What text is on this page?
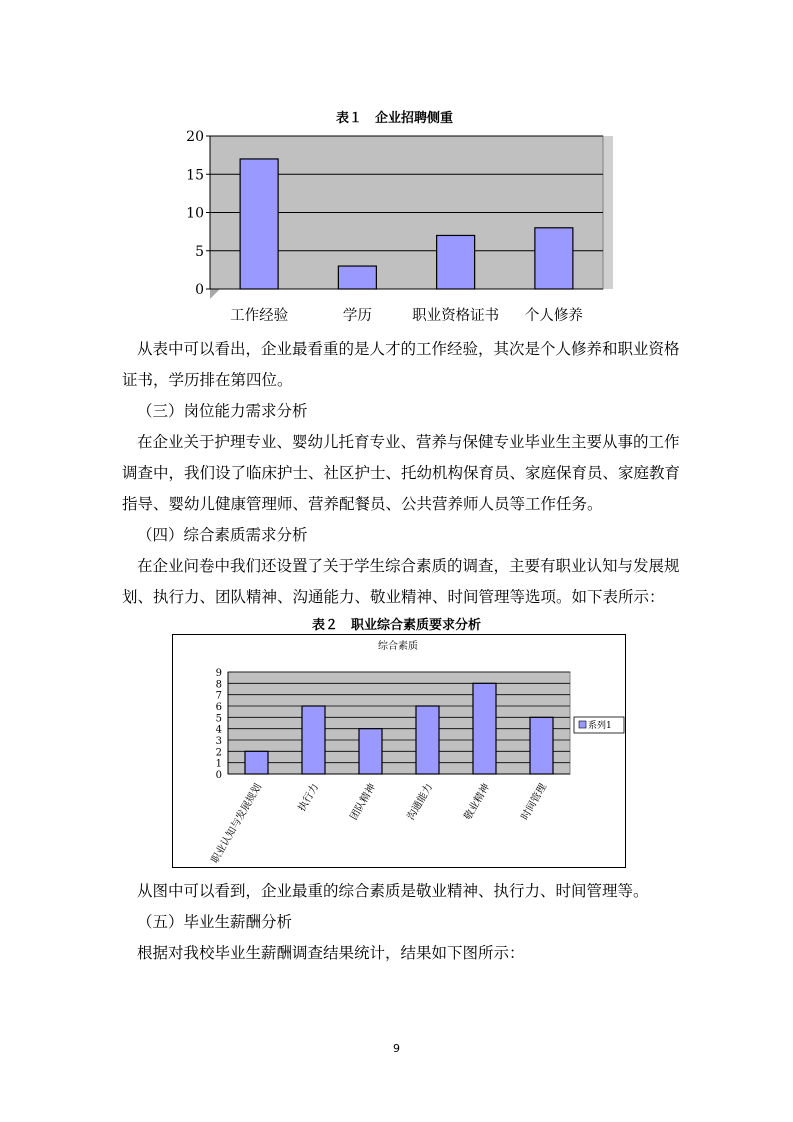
表１　企业招聘侧重
0
5
10
15
20
工作经验	学历	职业资格证书 个人修养

从表中可以看出，企业最看重的是人才的工作经验，其次是个人修养和职业资格证书，学历排在第四位。

（三）岗位能力需求分析

在企业关于护理专业、婴幼儿托育专业、营养与保健专业毕业生主要从事的工作调查中，我们设了临床护士、社区护士、托幼机构保育员、家庭保育员、家庭教育指导、婴幼儿健康管理师、营养配餐员、公共营养师人员等工作任务。

（四）综合素质需求分析

在企业问卷中我们还设置了关于学生综合素质的调查，主要有职业认知与发展规划、执行力、团队精神、沟通能力、敬业精神、时间管理等选项。如下表所示：

表２　职业综合素质要求分析
综合素质
0
1
2
3
4
5
6
7
8
9
职业认知与发展规划	执行力	团队精神	沟通能力	敬业精神	时间管理
系列1

从图中可以看到，企业最重的综合素质是敬业精神、执行力、时间管理等。

（五）毕业生薪酬分析

根据对我校毕业生薪酬调查结果统计，结果如下图所示：

9
